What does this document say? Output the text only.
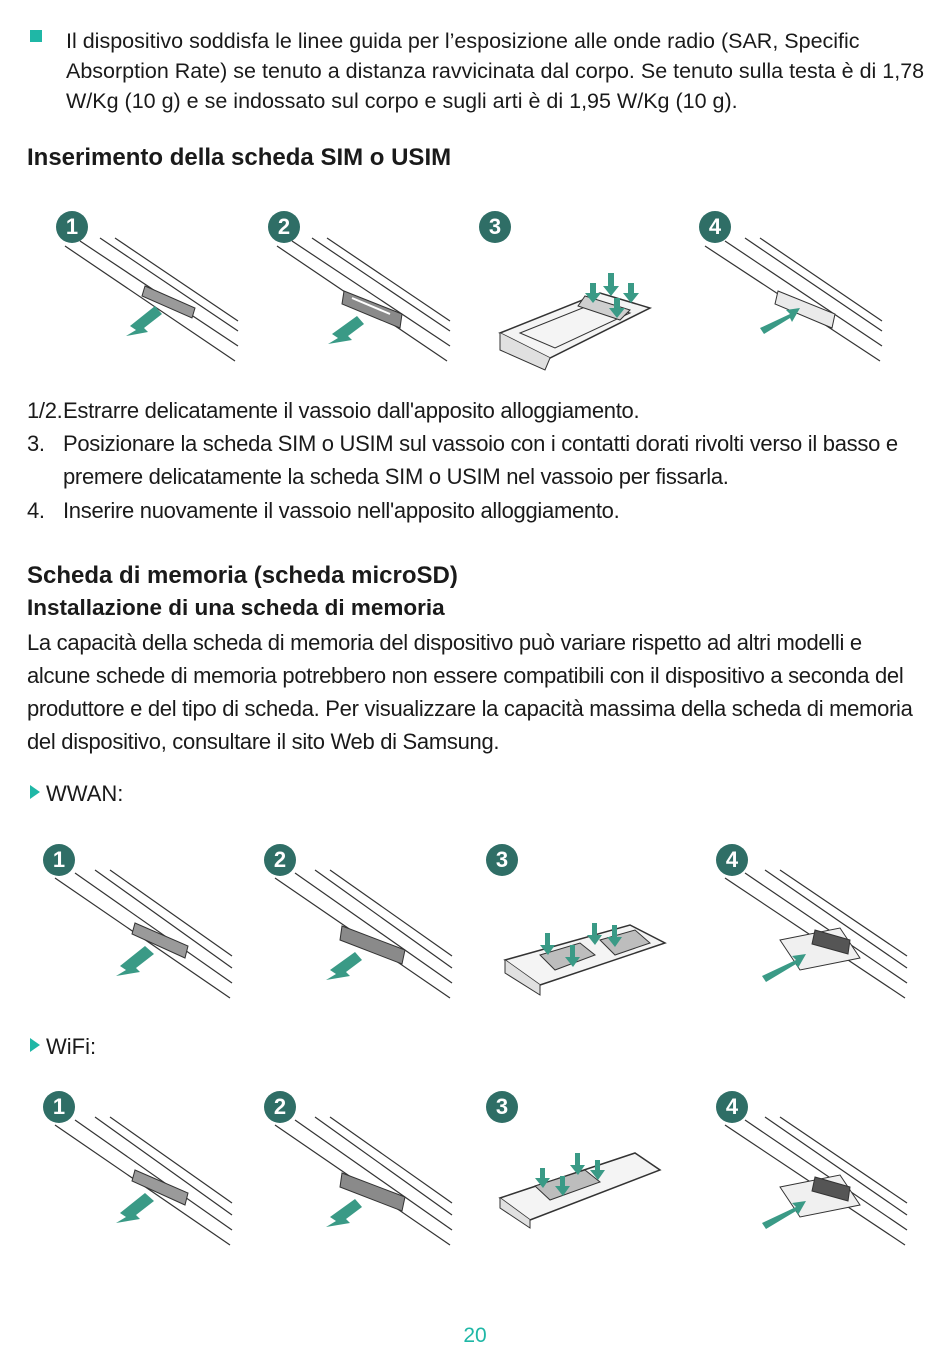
Il dispositivo soddisfa le linee guida per l’esposizione alle onde radio (SAR, Specific Absorption Rate) se tenuto a distanza ravvicinata dal corpo. Se tenuto sulla testa è di 1,78 W/Kg (10 g) e se indossato sul corpo e sugli arti è di 1,95 W/Kg (10 g).
Inserimento della scheda SIM o USIM
1	2	3	4
1/2. Estrarre delicatamente il vassoio dall'apposito alloggiamento.
3. Posizionare la scheda SIM o USIM sul vassoio con i contatti dorati rivolti verso il basso e premere delicatamente la scheda SIM o USIM nel vassoio per fissarla.
4. Inserire nuovamente il vassoio nell'apposito alloggiamento.
Scheda di memoria (scheda microSD)
Installazione di una scheda di memoria
La capacità della scheda di memoria del dispositivo può variare rispetto ad altri modelli e alcune schede di memoria potrebbero non essere compatibili con il dispositivo a seconda del produttore e del tipo di scheda. Per visualizzare la capacità massima della scheda di memoria del dispositivo, consultare il sito Web di Samsung.
WWAN:
1	2	3	4
WiFi:
1	2	3	4
20
